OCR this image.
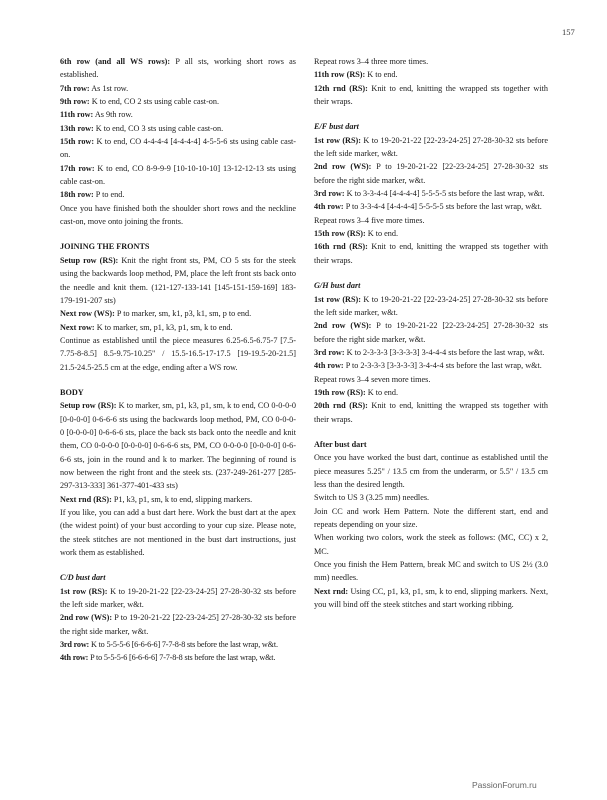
157

6th row (and all WS rows): P all sts, working short rows as established.

7th row: As 1st row.

9th row: K to end, CO 2 sts using cable cast-on.

11th row: As 9th row.

13th row: K to end, CO 3 sts using cable cast-on.

15th row: K to end, CO 4-4-4-4 [4-4-4-4] 4-5-5-6 sts using cable cast-on.

17th row: K to end, CO 8-9-9-9 [10-10-10-10] 13-12-12-13 sts using cable cast-on.

18th row: P to end.

Once you have finished both the shoulder short rows and the neckline cast-on, move onto joining the fronts.

JOINING THE FRONTS

Setup row (RS): Knit the right front sts, PM, CO 5 sts for the steek using the backwards loop method, PM, place the left front sts back onto the needle and knit them. (121-127-133-141 [145-151-159-169] 183-179-191-207 sts)

Next row (WS): P to marker, sm, k1, p3, k1, sm, p to end.

Next row: K to marker, sm, p1, k3, p1, sm, k to end.

Continue as established until the piece measures 6.25-6.5-6.75-7 [7.5-7.75-8-8.5] 8.5-9.75-10.25" / 15.5-16.5-17-17.5 [19-19.5-20-21.5] 21.5-24.5-25.5 cm at the edge, ending after a WS row.

BODY

Setup row (RS): K to marker, sm, p1, k3, p1, sm, k to end, CO 0-0-0-0 [0-0-0-0] 0-6-6-6 sts using the backwards loop method, PM, CO 0-0-0-0 [0-0-0-0] 0-6-6-6 sts, place the back sts back onto the needle and knit them, CO 0-0-0-0 [0-0-0-0] 0-6-6-6 sts, PM, CO 0-0-0-0 [0-0-0-0] 0-6-6-6 sts, join in the round and k to marker. The beginning of round is now between the right front and the steek sts. (237-249-261-277 [285-297-313-333] 361-377-401-433 sts)

Next rnd (RS): P1, k3, p1, sm, k to end, slipping markers.

If you like, you can add a bust dart here. Work the bust dart at the apex (the widest point) of your bust according to your cup size. Please note, the steek stitches are not mentioned in the bust dart instructions, just work them as established.

C/D bust dart

1st row (RS): K to 19-20-21-22 [22-23-24-25] 27-28-30-32 sts before the left side marker, w&t.

2nd row (WS): P to 19-20-21-22 [22-23-24-25] 27-28-30-32 sts before the right side marker, w&t.

3rd row: K to 5-5-5-6 [6-6-6-6] 7-7-8-8 sts before the last wrap, w&t.

4th row: P to 5-5-5-6 [6-6-6-6] 7-7-8-8 sts before the last wrap, w&t.

Repeat rows 3–4 three more times.

11th row (RS): K to end.

12th rnd (RS): Knit to end, knitting the wrapped sts together with their wraps.

E/F bust dart

1st row (RS): K to 19-20-21-22 [22-23-24-25] 27-28-30-32 sts before the left side marker, w&t.

2nd row (WS): P to 19-20-21-22 [22-23-24-25] 27-28-30-32 sts before the right side marker, w&t.

3rd row: K to 3-3-4-4 [4-4-4-4] 5-5-5-5 sts before the last wrap, w&t.

4th row: P to 3-3-4-4 [4-4-4-4] 5-5-5-5 sts before the last wrap, w&t.

Repeat rows 3–4 five more times.

15th row (RS): K to end.

16th rnd (RS): Knit to end, knitting the wrapped sts together with their wraps.

G/H bust dart

1st row (RS): K to 19-20-21-22 [22-23-24-25] 27-28-30-32 sts before the left side marker, w&t.

2nd row (WS): P to 19-20-21-22 [22-23-24-25] 27-28-30-32 sts before the right side marker, w&t.

3rd row: K to 2-3-3-3 [3-3-3-3] 3-4-4-4 sts before the last wrap, w&t.

4th row: P to 2-3-3-3 [3-3-3-3] 3-4-4-4 sts before the last wrap, w&t.

Repeat rows 3–4 seven more times.

19th row (RS): K to end.

20th rnd (RS): Knit to end, knitting the wrapped sts together with their wraps.

After bust dart

Once you have worked the bust dart, continue as established until the piece measures 5.25" / 13.5 cm from the underarm, or 5.5" / 13.5 cm less than the desired length.

Switch to US 3 (3.25 mm) needles.

Join CC and work Hem Pattern. Note the different start, end and repeats depending on your size.

When working two colors, work the steek as follows: (MC, CC) x 2, MC.

Once you finish the Hem Pattern, break MC and switch to US 2½ (3.0 mm) needles.

Next rnd: Using CC, p1, k3, p1, sm, k to end, slipping markers. Next, you will bind off the steek stitches and start working ribbing.

PassionForum.ru
